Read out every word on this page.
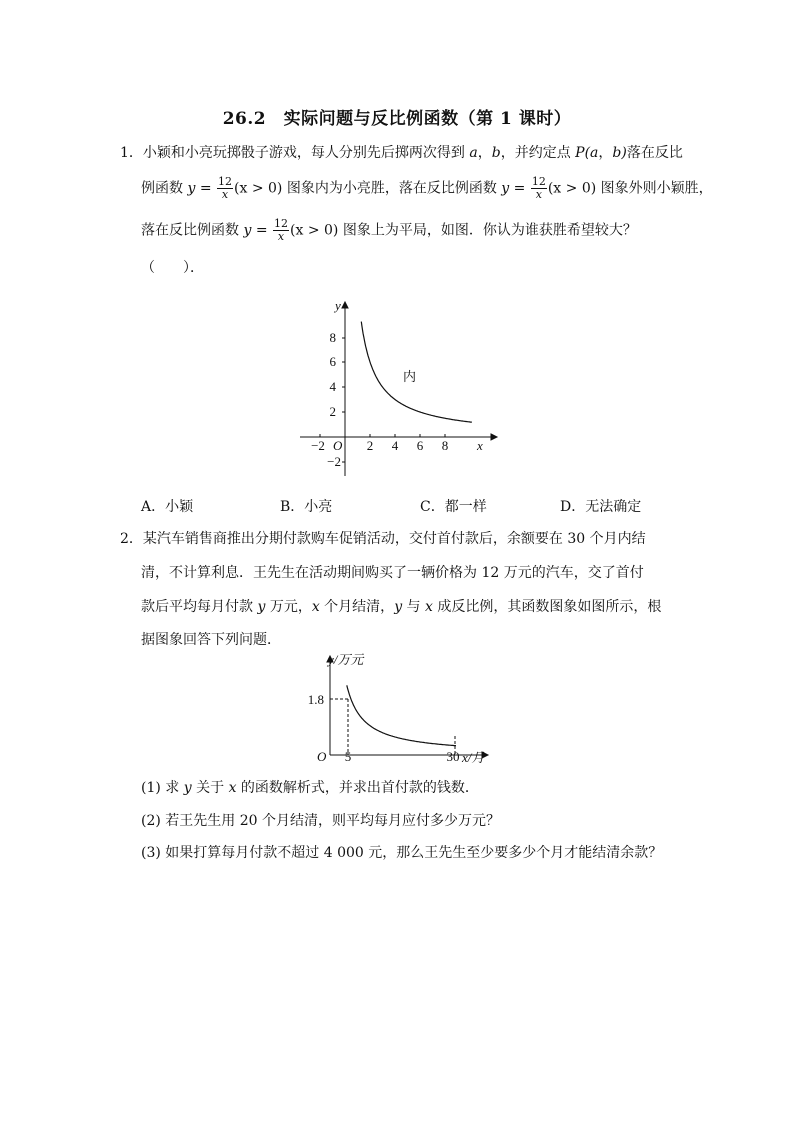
26.2　实际问题与反比例函数（第 1 课时）
1．小颖和小亮玩掷骰子游戏，每人分别先后掷两次得到 a，b，并约定点 P(a，b)落在反比
例函数 $y = \frac{12}{x} (x > 0)$ 图象内为小亮胜，落在反比例函数 $y = \frac{12}{x} (x > 0)$ 图象外则小颖胜，
落在反比例函数 $y = \frac{12}{x} (x > 0)$ 图象上为平局，如图．你认为谁获胜希望较大？
（　　）．
y
x
O
8
6
4
2
−2
−2	2 4 6 8
内
A．小颖	B．小亮	C．都一样	D．无法确定
2．某汽车销售商推出分期付款购车促销活动，交付首付款后，余额要在 30 个月内结
清，不计算利息．王先生在活动期间购买了一辆价格为 12 万元的汽车，交了首付
款后平均每月付款 y 万元，x 个月结清，y 与 x 成反比例，其函数图象如图所示，根
据图象回答下列问题．
y/万元
x/月
O
1.8
5	30
(1) 求 y 关于 x 的函数解析式，并求出首付款的钱数．
(2) 若王先生用 20 个月结清，则平均每月应付多少万元？
(3) 如果打算每月付款不超过 4 000 元，那么王先生至少要多少个月才能结清余款？
